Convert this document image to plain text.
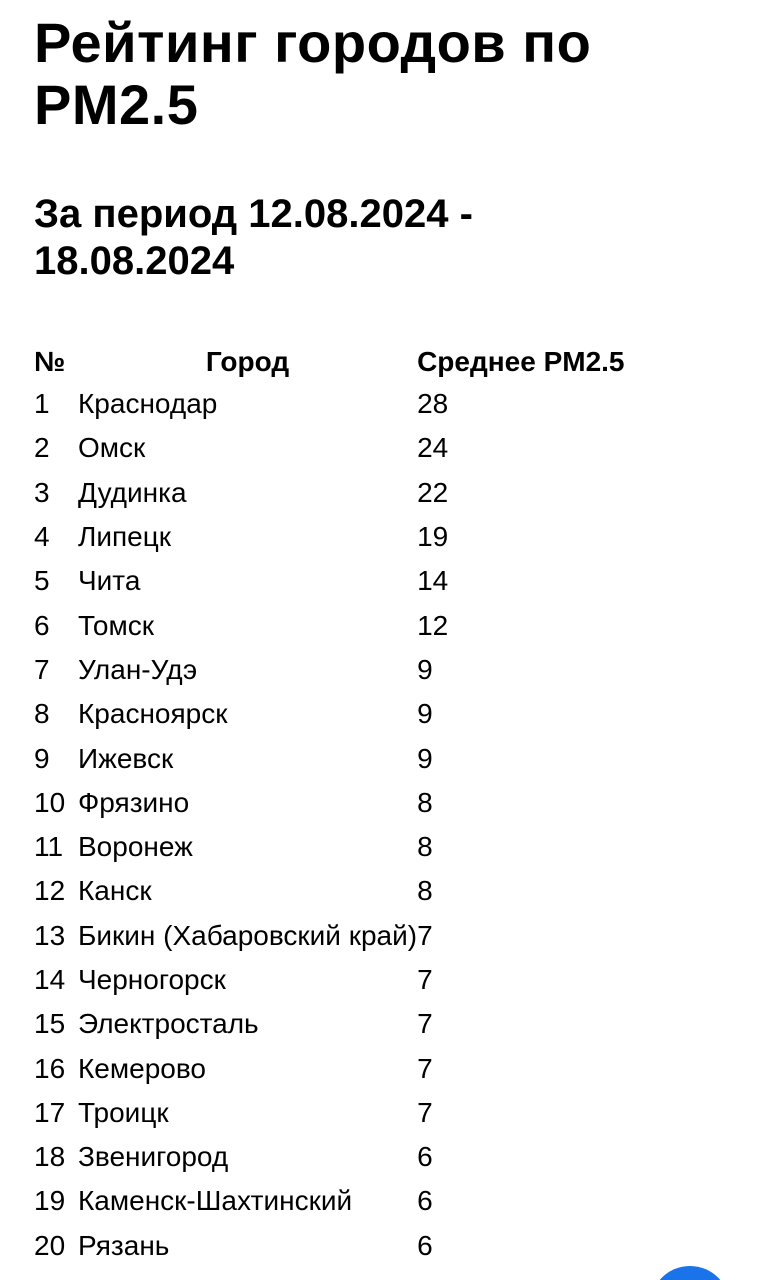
Рейтинг городов по PM2.5
За период 12.08.2024 - 18.08.2024
№	Город	Среднее PM2.5
1	Краснодар	28
2	Омск	24
3	Дудинка	22
4	Липецк	19
5	Чита	14
6	Томск	12
7	Улан-Удэ	9
8	Красноярск	9
9	Ижевск	9
10	Фрязино	8
11	Воронеж	8
12	Канск	8
13	Бикин (Хабаровский край)	7
14	Черногорск	7
15	Электросталь	7
16	Кемерово	7
17	Троицк	7
18	Звенигород	6
19	Каменск-Шахтинский	6
20	Рязань	6
